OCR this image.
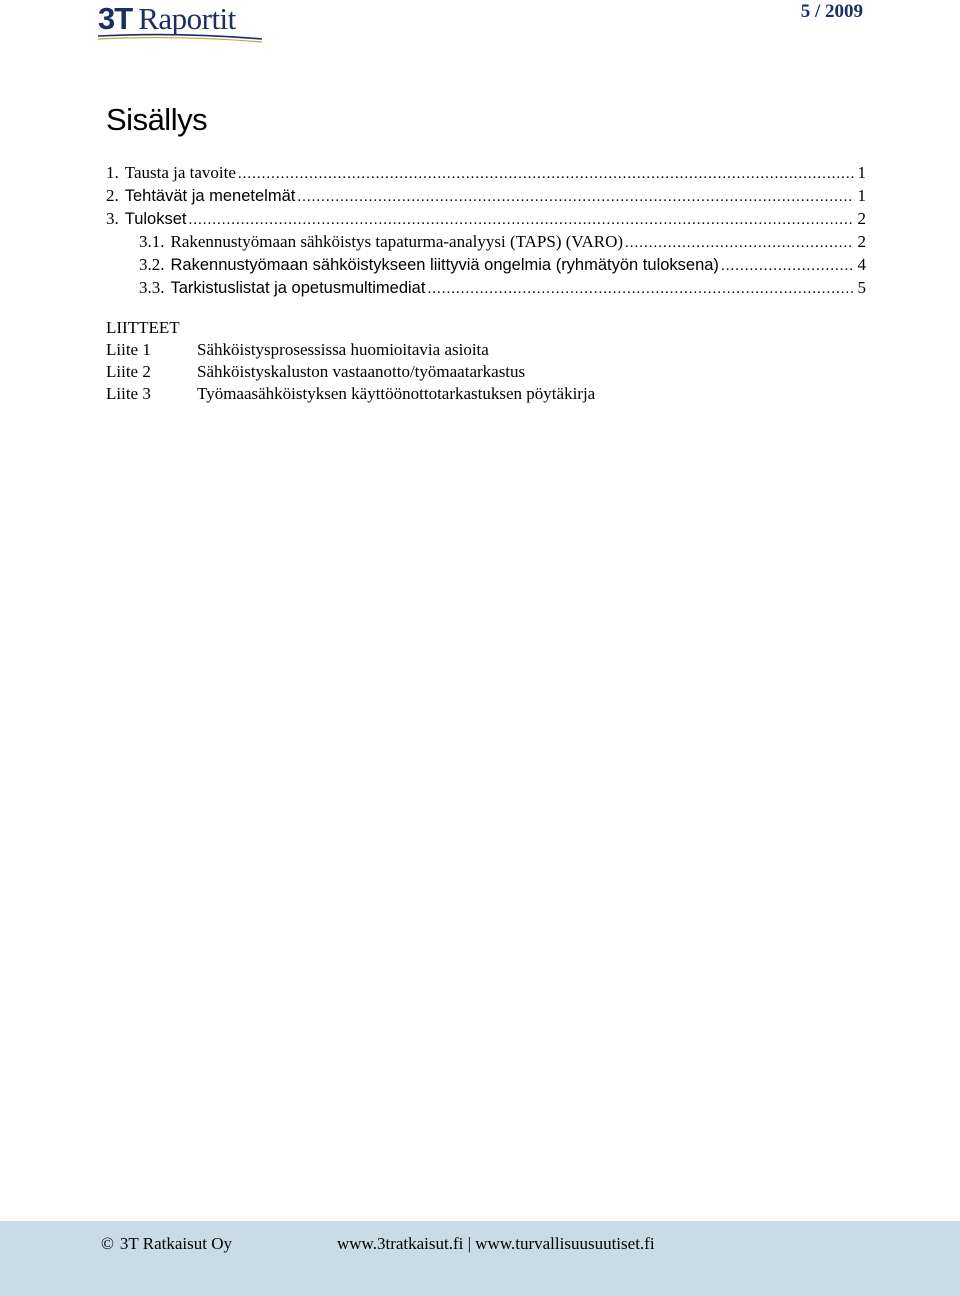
3T Raportit	5 / 2009
Sisällys
1. Tausta ja tavoite .....	1
2. Tehtävät ja menetelmät .....	1
3. Tulokset .....	2
3.1. Rakennustyömaan sähköistys tapaturma-analyysi (TAPS) (VARO) .....	2
3.2. Rakennustyömaan sähköistykseen liittyviä ongelmia (ryhmätyön tuloksena) .....	4
3.3. Tarkistuslistat ja opetusmultimediat .....	5
LIITTEET
Liite 1	Sähköistysprosessissa huomioitavia asioita
Liite 2	Sähköistyskaluston vastaanotto/työmaatarkastus
Liite 3	Työmaasähköistyksen käyttöönottotarkastuksen pöytäkirja
© 3T Ratkaisut Oy	www.3tratkaisut.fi | www.turvallisuusuutiset.fi
